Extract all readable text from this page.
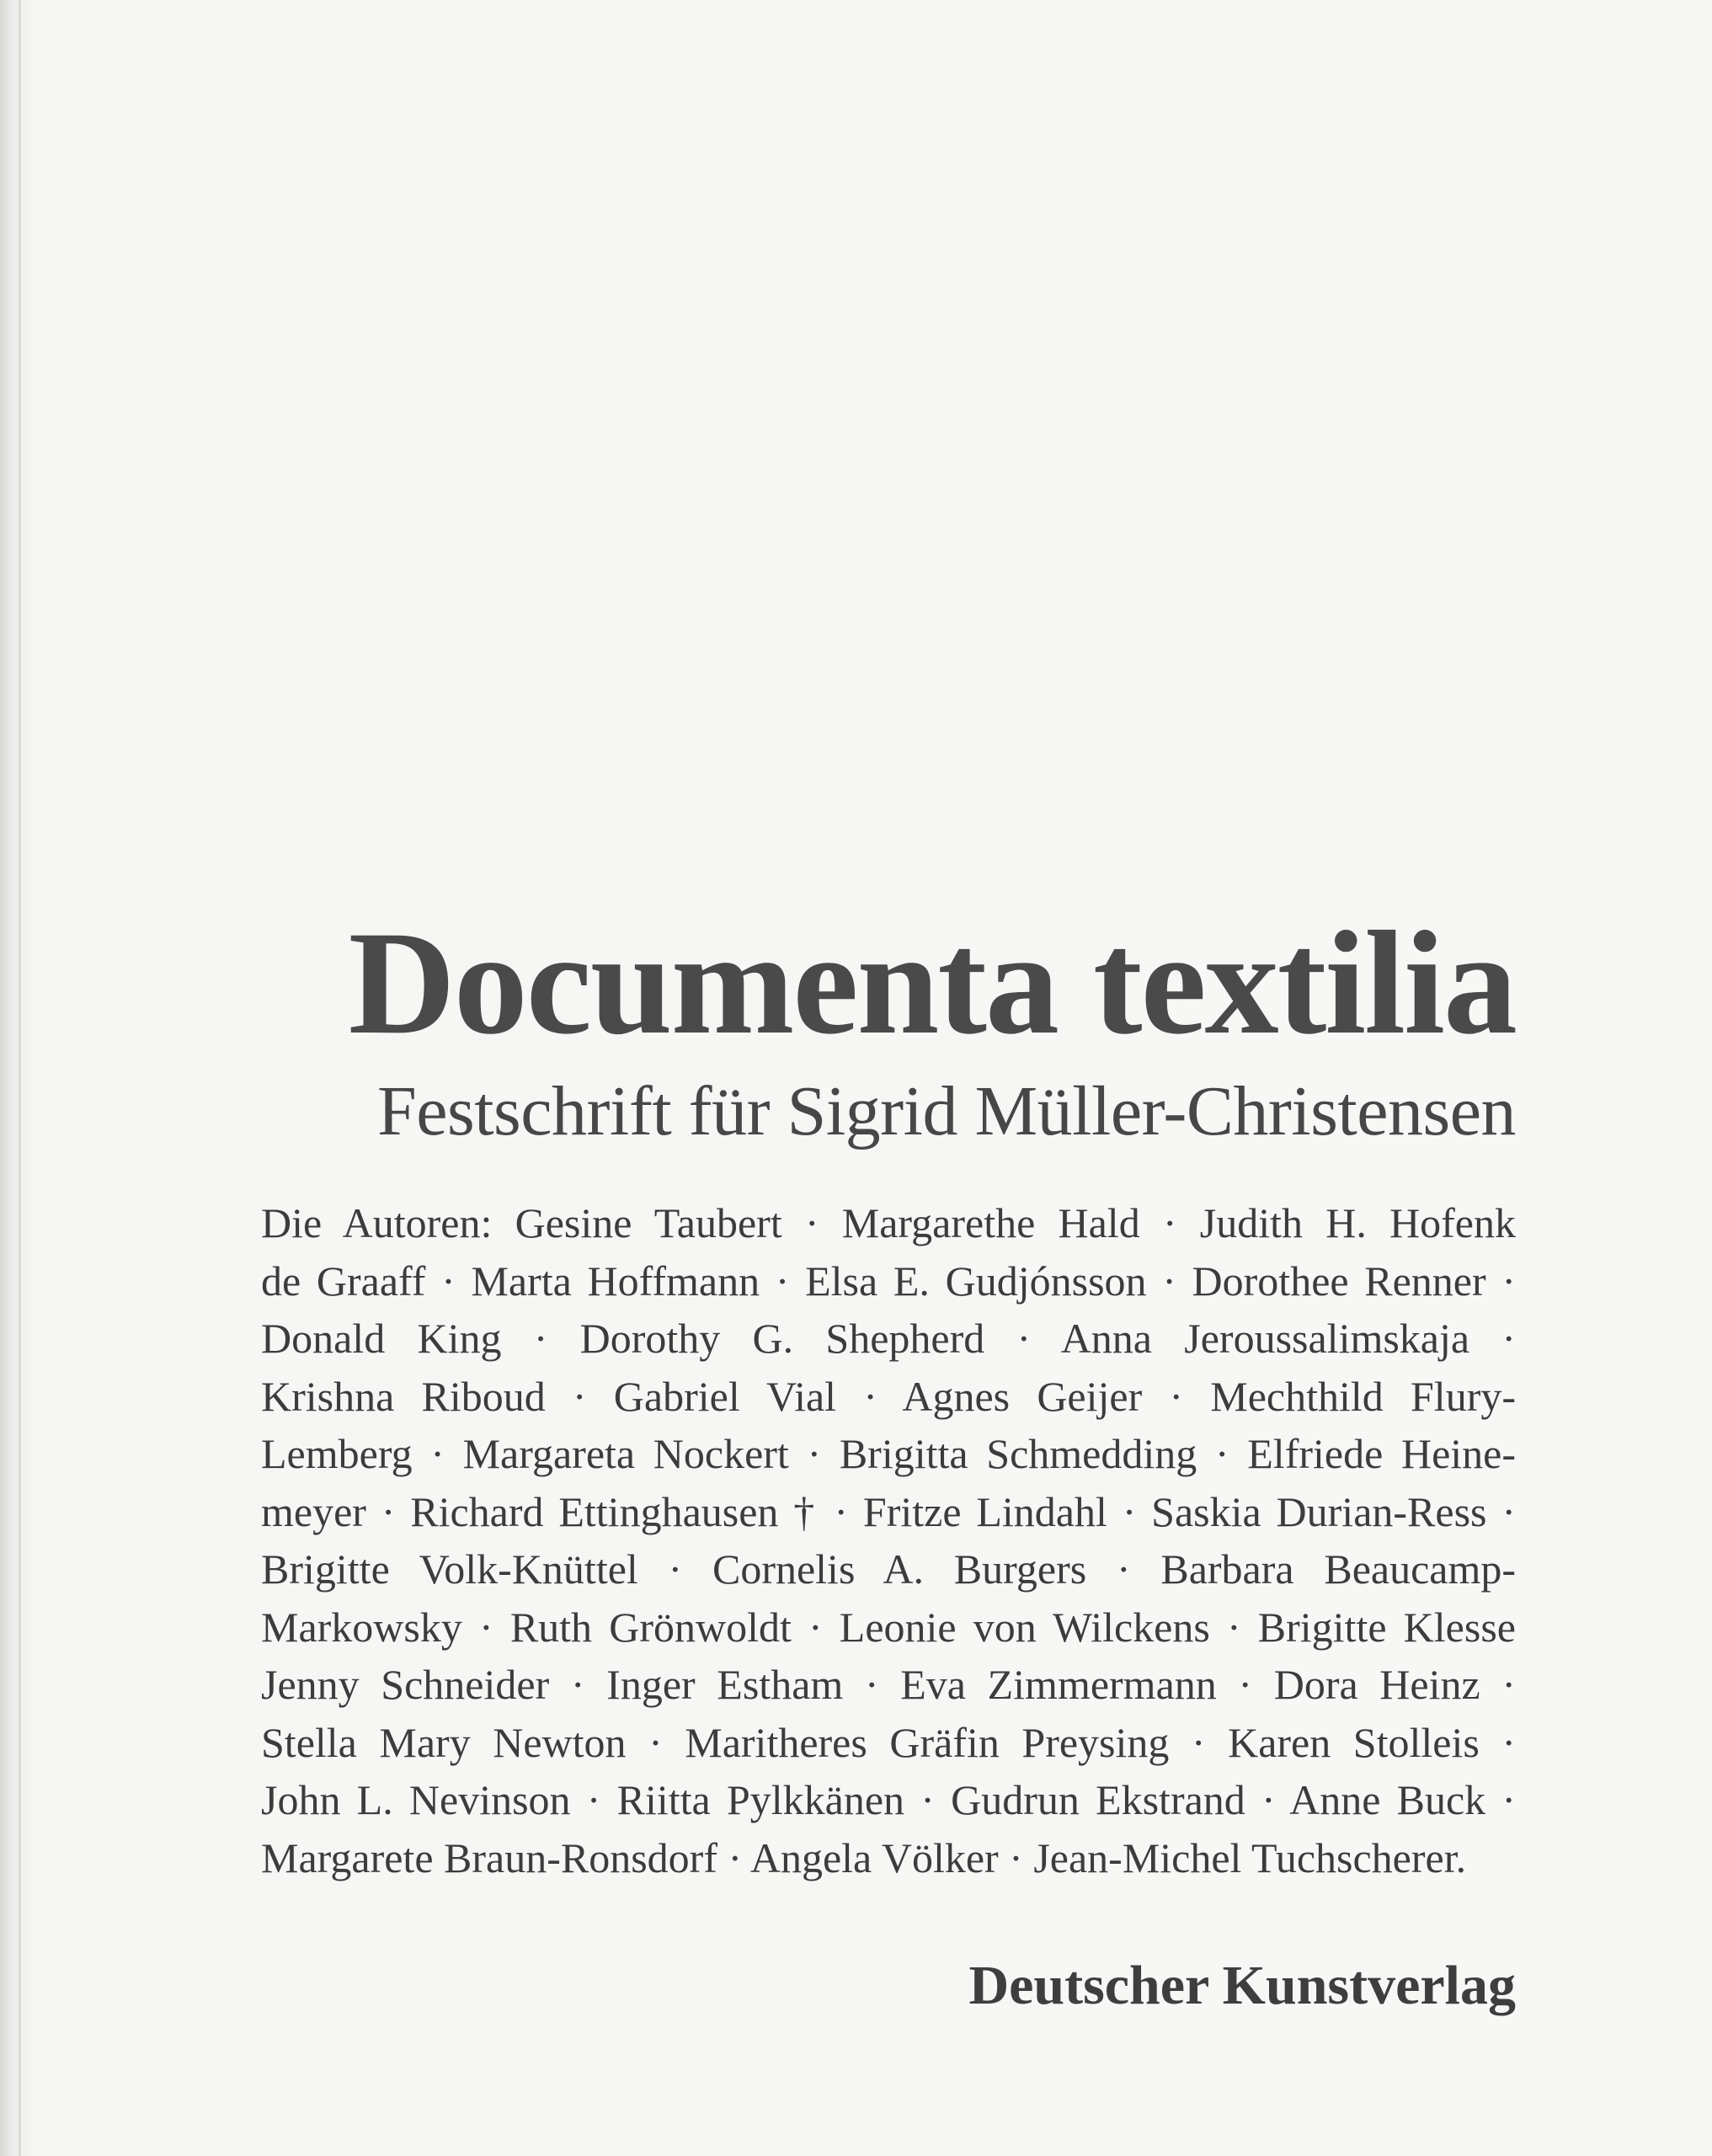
Documenta textilia
Festschrift für Sigrid Müller-Christensen
Die Autoren: Gesine Taubert · Margarethe Hald · Judith H. Hofenk
de Graaff · Marta Hoffmann · Elsa E. Gudjónsson · Dorothee Renner ·
Donald King · Dorothy G. Shepherd · Anna Jeroussalimskaja ·
Krishna Riboud · Gabriel Vial · Agnes Geijer · Mechthild Flury-
Lemberg · Margareta Nockert · Brigitta Schmedding · Elfriede Heine-
meyer · Richard Ettinghausen † · Fritze Lindahl · Saskia Durian-Ress ·
Brigitte Volk-Knüttel · Cornelis A. Burgers · Barbara Beaucamp-
Markowsky · Ruth Grönwoldt · Leonie von Wilckens · Brigitte Klesse
Jenny Schneider · Inger Estham · Eva Zimmermann · Dora Heinz ·
Stella Mary Newton · Maritheres Gräfin Preysing · Karen Stolleis ·
John L. Nevinson · Riitta Pylkkänen · Gudrun Ekstrand · Anne Buck ·
Margarete Braun-Ronsdorf · Angela Völker · Jean-Michel Tuchscherer.
Deutscher Kunstverlag
